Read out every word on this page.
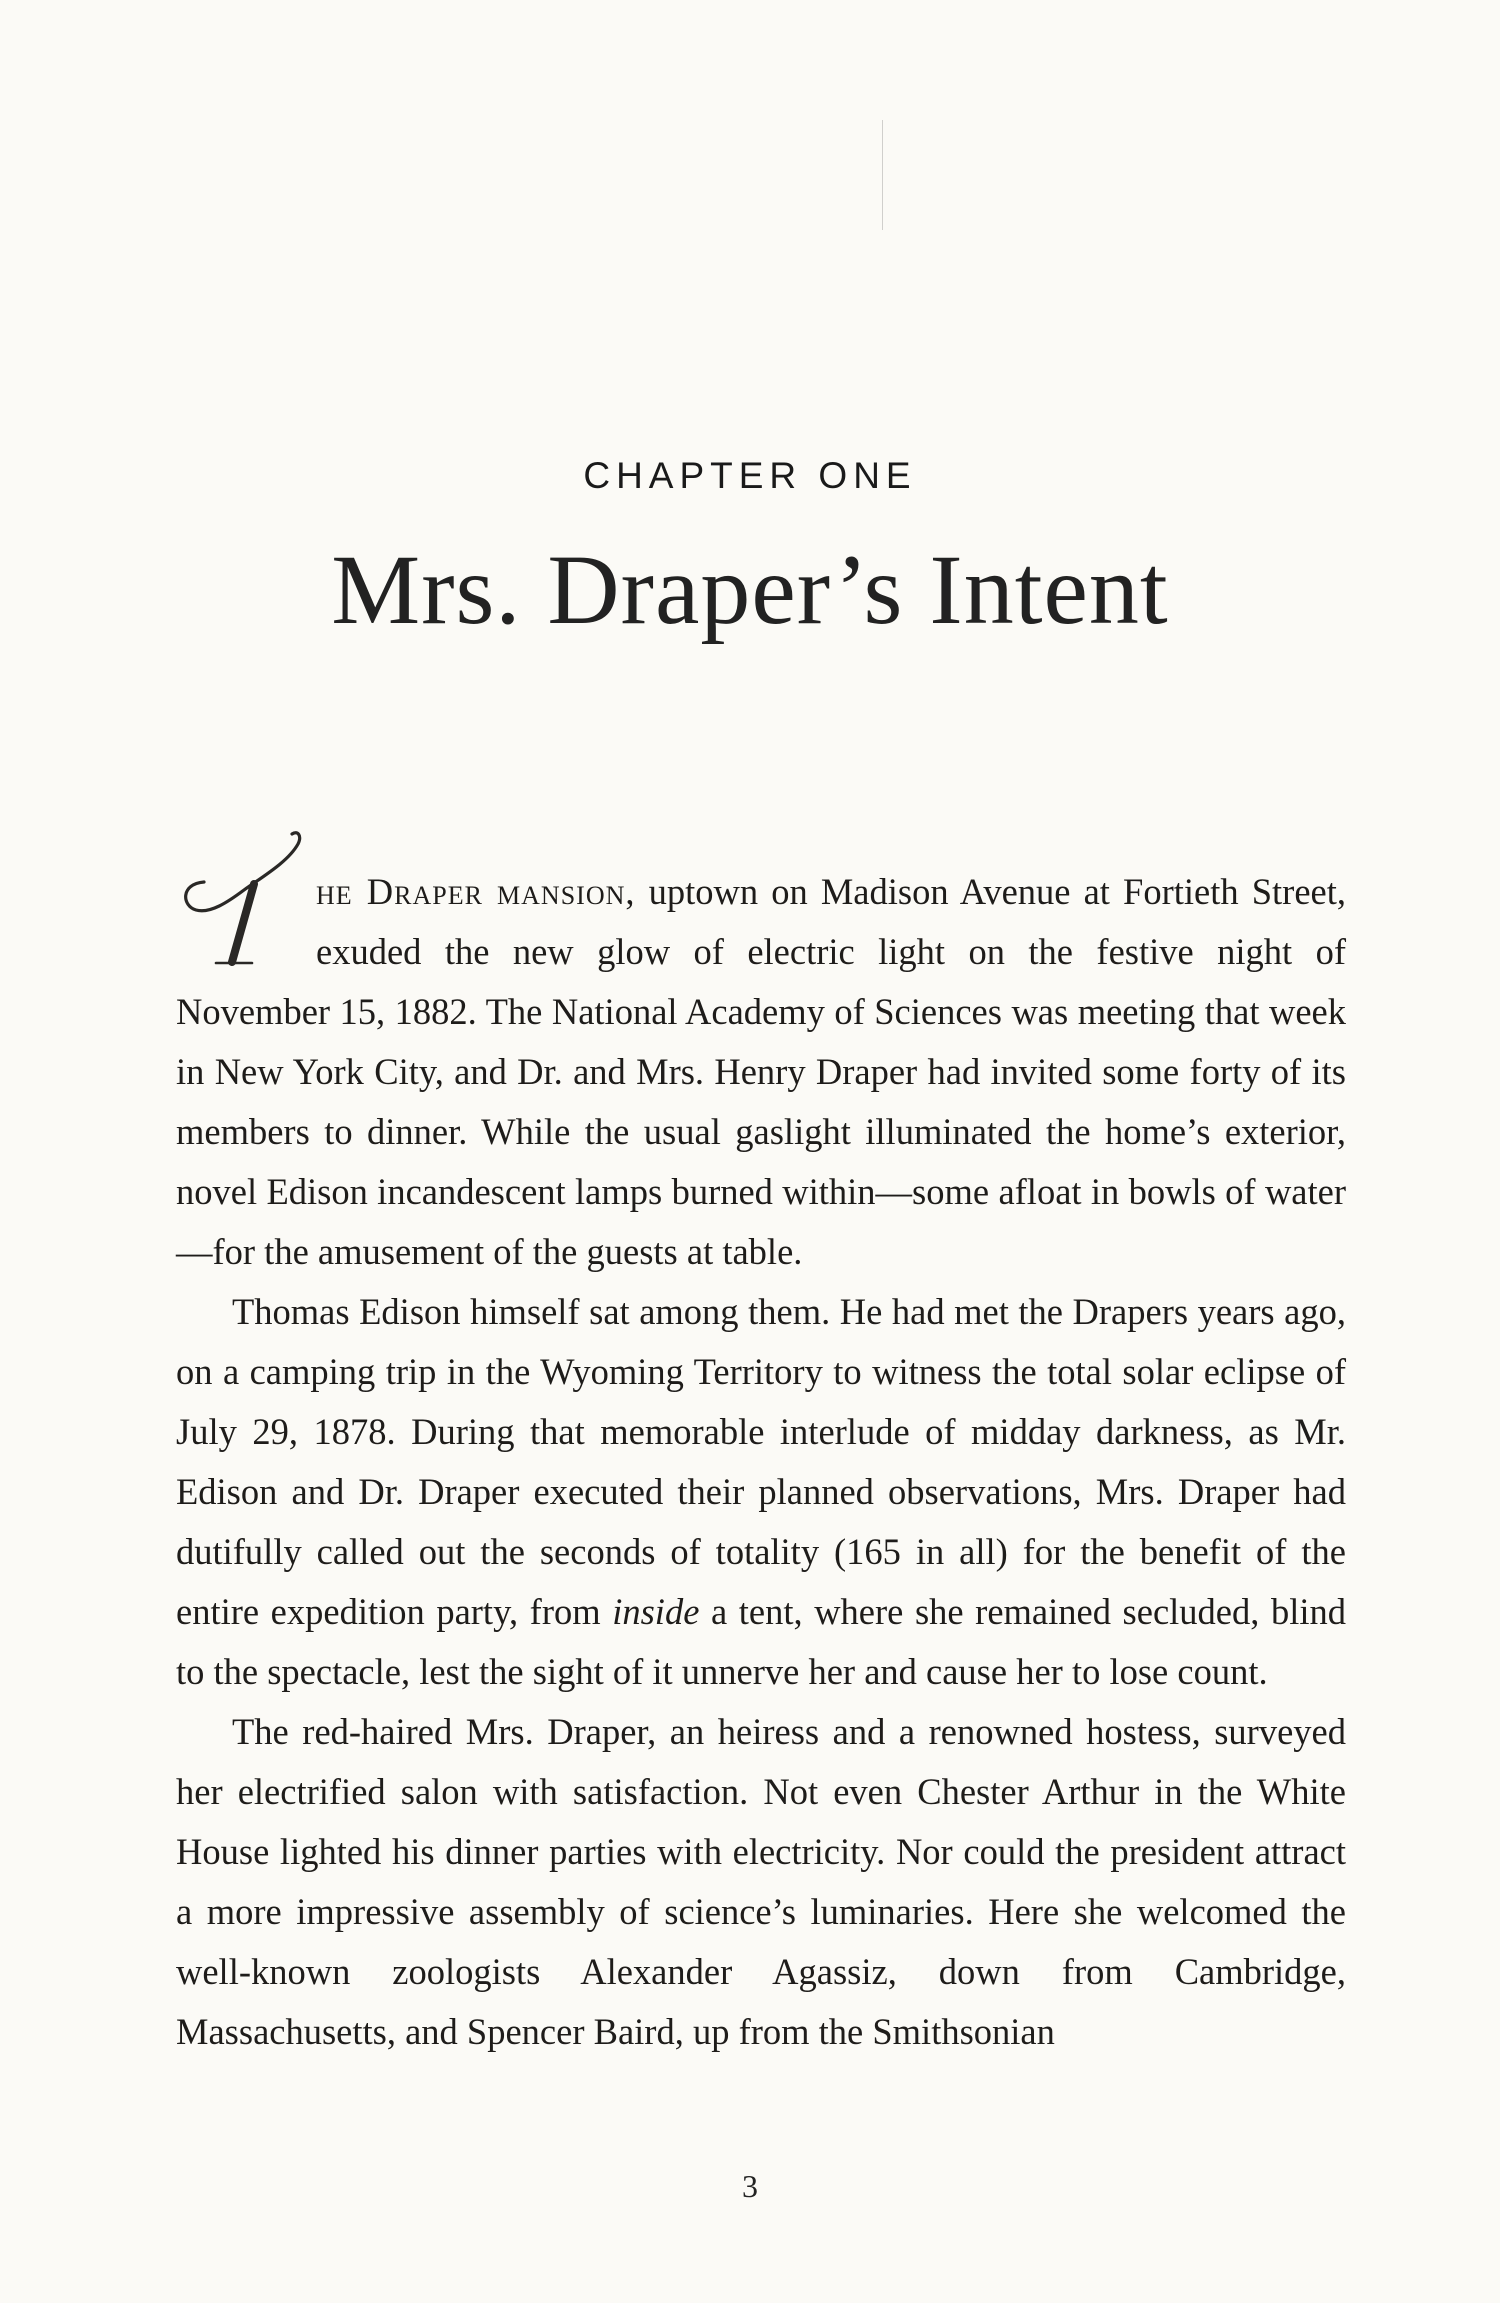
CHAPTER ONE
Mrs. Draper’s Intent

T
he Draper mansion, uptown on Madison Avenue at Fortieth Street, exuded the new glow of electric light on the festive night of November 15, 1882. The National Academy of Sciences was meeting that week in New York City, and Dr. and Mrs. Henry Draper had invited some forty of its members to dinner. While the usual gaslight illuminated the home’s exterior, novel Edison incandescent lamps burned within—some afloat in bowls of water—for the amusement of the guests at table.

Thomas Edison himself sat among them. He had met the Drapers years ago, on a camping trip in the Wyoming Territory to witness the total solar eclipse of July 29, 1878. During that memorable interlude of midday darkness, as Mr. Edison and Dr. Draper executed their planned observations, Mrs. Draper had dutifully called out the seconds of totality (165 in all) for the benefit of the entire expedition party, from inside a tent, where she remained secluded, blind to the spectacle, lest the sight of it unnerve her and cause her to lose count.

The red-haired Mrs. Draper, an heiress and a renowned hostess, surveyed her electrified salon with satisfaction. Not even Chester Arthur in the White House lighted his dinner parties with electricity. Nor could the president attract a more impressive assembly of science’s luminaries. Here she welcomed the well-known zoologists Alexander Agassiz, down from Cambridge, Massachusetts, and Spencer Baird, up from the Smithsonian

3
